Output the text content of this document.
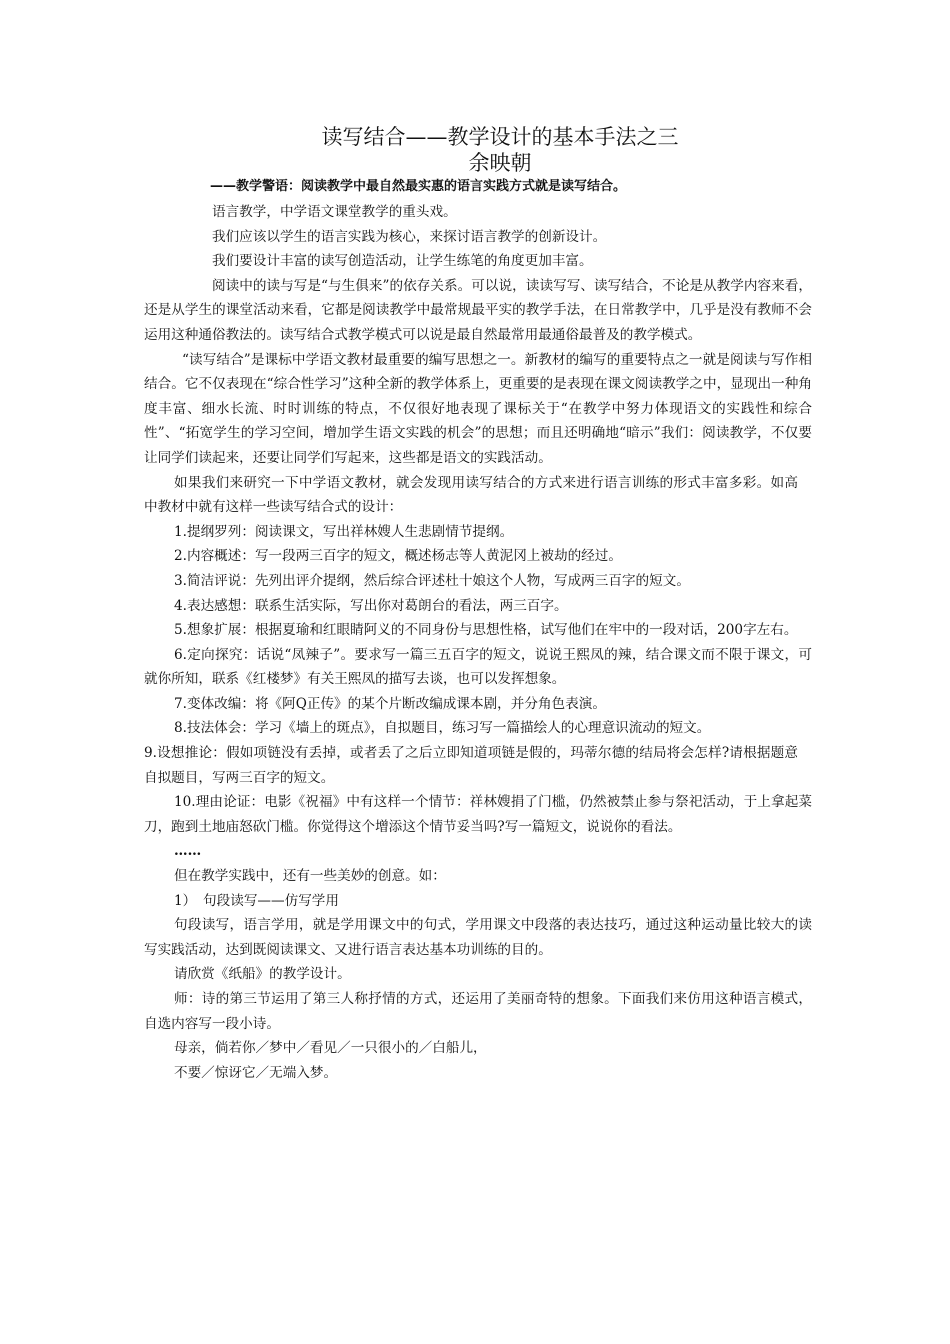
读写结合——教学设计的基本手法之三
余映朝
——教学警语：阅读教学中最自然最实惠的语言实践方式就是读写结合。

语言教学，中学语文课堂教学的重头戏。

我们应该以学生的语言实践为核心，来探讨语言教学的创新设计。

我们要设计丰富的读写创造活动，让学生练笔的角度更加丰富。

阅读中的读与写是“与生俱来”的依存关系。可以说，读读写写、读写结合，不论是从教学内容来看，还是从学生的课堂活动来看，它都是阅读教学中最常规最平实的教学手法，在日常教学中，几乎是没有教师不会运用这种通俗教法的。读写结合式教学模式可以说是最自然最常用最通俗最普及的教学模式。

“读写结合”是课标中学语文教材最重要的编写思想之一。新教材的编写的重要特点之一就是阅读与写作相结合。它不仅表现在“综合性学习”这种全新的教学体系上，更重要的是表现在课文阅读教学之中，显现出一种角度丰富、细水长流、时时训练的特点，不仅很好地表现了课标关于“在教学中努力体现语文的实践性和综合性”、“拓宽学生的学习空间，增加学生语文实践的机会”的思想；而且还明确地“暗示”我们：阅读教学，不仅要让同学们读起来，还要让同学们写起来，这些都是语文的实践活动。

如果我们来研究一下中学语文教材，就会发现用读写结合的方式来进行语言训练的形式丰富多彩。如高中教材中就有这样一些读写结合式的设计：

1.提纲罗列：阅读课文，写出祥林嫂人生悲剧情节提纲。

2.内容概述：写一段两三百字的短文，概述杨志等人黄泥冈上被劫的经过。

3.简洁评说：先列出评介提纲，然后综合评述杜十娘这个人物，写成两三百字的短文。

4.表达感想：联系生活实际，写出你对葛朗台的看法，两三百字。

5.想象扩展：根据夏瑜和红眼睛阿义的不同身份与思想性格，试写他们在牢中的一段对话，200字左右。

6.定向探究：话说“凤辣子”。要求写一篇三五百字的短文，说说王熙凤的辣，结合课文而不限于课文，可就你所知，联系《红楼梦》有关王熙凤的描写去谈，也可以发挥想象。

7.变体改编：将《阿Q正传》的某个片断改编成课本剧，并分角色表演。

8.技法体会：学习《墙上的斑点》，自拟题目，练习写一篇描绘人的心理意识流动的短文。

9.设想推论：假如项链没有丢掉，或者丢了之后立即知道项链是假的，玛蒂尔德的结局将会怎样?请根据题意自拟题目，写两三百字的短文。

10.理由论证：电影《祝福》中有这样一个情节：祥林嫂捐了门槛，仍然被禁止参与祭祀活动，于上拿起菜刀，跑到土地庙怒砍门槛。你觉得这个增添这个情节妥当吗?写一篇短文，说说你的看法。

……

但在教学实践中，还有一些美妙的创意。如：

1）　句段读写——仿写学用

句段读写，语言学用，就是学用课文中的句式，学用课文中段落的表达技巧，通过这种运动量比较大的读写实践活动，达到既阅读课文、又进行语言表达基本功训练的目的。

请欣赏《纸船》的教学设计。

师：诗的第三节运用了第三人称抒情的方式，还运用了美丽奇特的想象。下面我们来仿用这种语言模式，自选内容写一段小诗。

母亲，倘若你／梦中／看见／一只很小的／白船儿，

不要／惊讶它／无端入梦。
